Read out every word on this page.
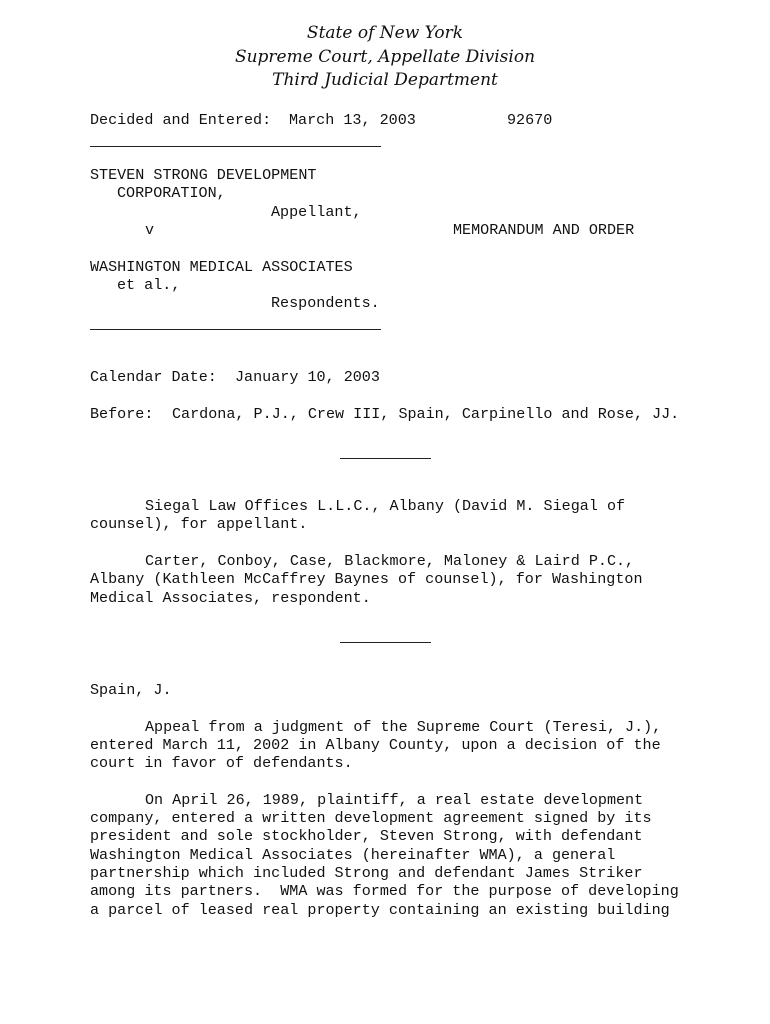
State of New York
Supreme Court, Appellate Division
Third Judicial Department
Decided and Entered: March 13, 2003	92670
STEVEN STRONG DEVELOPMENT
CORPORATION,
Appellant,
v	MEMORANDUM AND ORDER
WASHINGTON MEDICAL ASSOCIATES
et al.,
Respondents.
Calendar Date: January 10, 2003
Before: Cardona, P.J., Crew III, Spain, Carpinello and Rose, JJ.
Siegal Law Offices L.L.C., Albany (David M. Siegal of
counsel), for appellant.
Carter, Conboy, Case, Blackmore, Maloney & Laird P.C.,
Albany (Kathleen McCaffrey Baynes of counsel), for Washington
Medical Associates, respondent.
Spain, J.
Appeal from a judgment of the Supreme Court (Teresi, J.),
entered March 11, 2002 in Albany County, upon a decision of the
court in favor of defendants.
On April 26, 1989, plaintiff, a real estate development
company, entered a written development agreement signed by its
president and sole stockholder, Steven Strong, with defendant
Washington Medical Associates (hereinafter WMA), a general
partnership which included Strong and defendant James Striker
among its partners.  WMA was formed for the purpose of developing
a parcel of leased real property containing an existing building
